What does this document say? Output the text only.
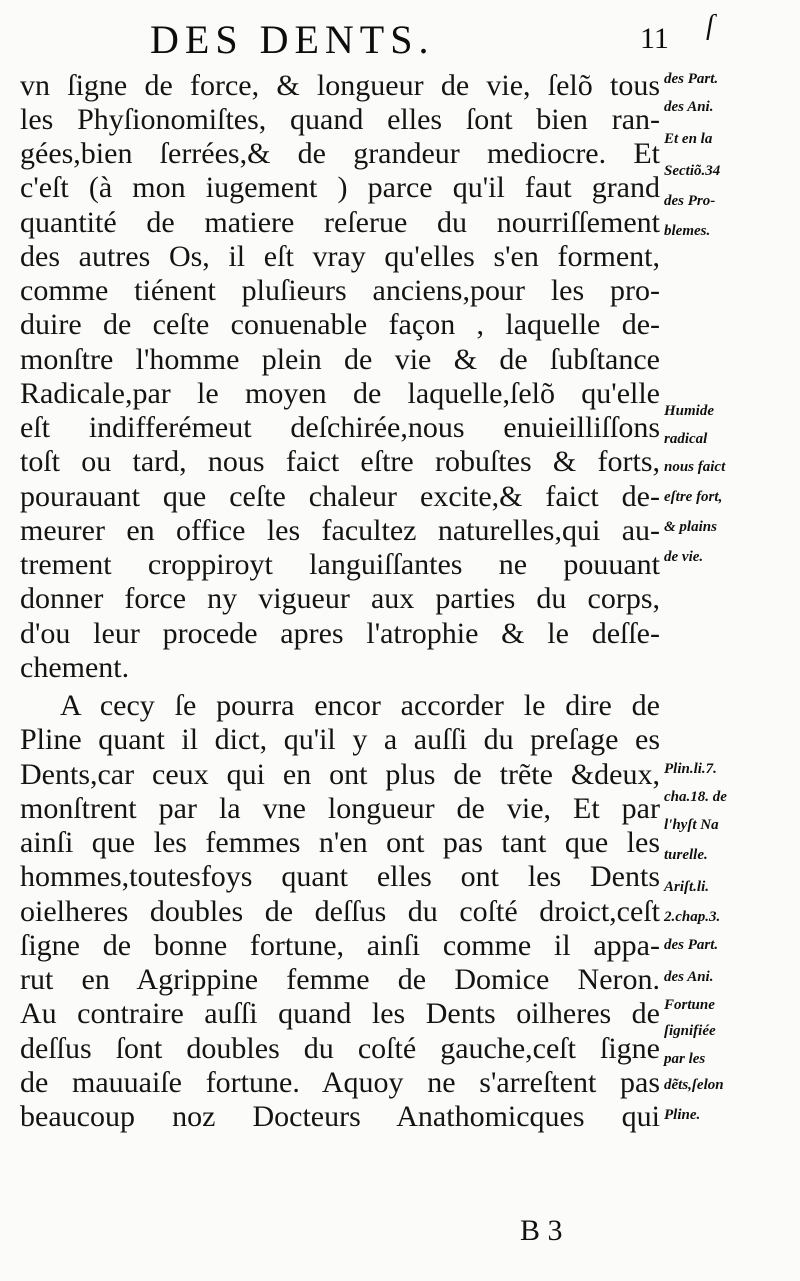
DES DENTS.	11 ſ
vn ſigne de force, & longueur de vie, ſelõ tous
les Phyſionomiſtes, quand elles ſont bien ran-
gées,bien ſerrées,& de grandeur mediocre. Et
c'eſt (à mon iugement ) parce qu'il faut grand
quantité de matiere reſerue du nourriſſement
des autres Os, il eſt vray qu'elles s'en forment,
comme tiénent pluſieurs anciens,pour les pro-
duire de ceſte conuenable façon , laquelle de-
monſtre l'homme plein de vie & de ſubſtance
Radicale,par le moyen de laquelle,ſelõ qu'elle
eſt indifferémeut deſchirée,nous enuieilliſſons
toſt ou tard, nous faict eſtre robuſtes & forts,
pourauant que ceſte chaleur excite,& faict de-
meurer en office les facultez naturelles,qui au-
trement croppiroyt languiſſantes ne pouuant
donner force ny vigueur aux parties du corps,
d'ou leur procede apres l'atrophie & le deſſe-
chement.
A cecy ſe pourra encor accorder le dire de
Pline quant il dict, qu'il y a auſſi du preſage es
Dents,car ceux qui en ont plus de trẽte &deux,
monſtrent par la vne longueur de vie, Et par
ainſi que les femmes n'en ont pas tant que les
hommes,toutesfoys quant elles ont les Dents
oielheres doubles de deſſus du coſté droict,ceſt
ſigne de bonne fortune, ainſi comme il appa-
rut en Agrippine femme de Domice Neron.
Au contraire auſſi quand les Dents oilheres de
deſſus ſont doubles du coſté gauche,ceſt ſigne
de mauuaiſe fortune. Aquoy ne s'arreſtent pas
beaucoup noz Docteurs Anathomicques qui
des Part.
des Ani.
Et en la
Sectiõ.34
des Pro-
blemes.
Humide
radical
nous faict
eſtre fort,
& plains
de vie.
Plin.li.7.
cha.18. de
l'hyſt Na
turelle.
Ariſt.li.
2.chap.3.
des Part.
des Ani.
Fortune
ſignifiée
par les
dẽts,ſelon
Pline.
B 3
